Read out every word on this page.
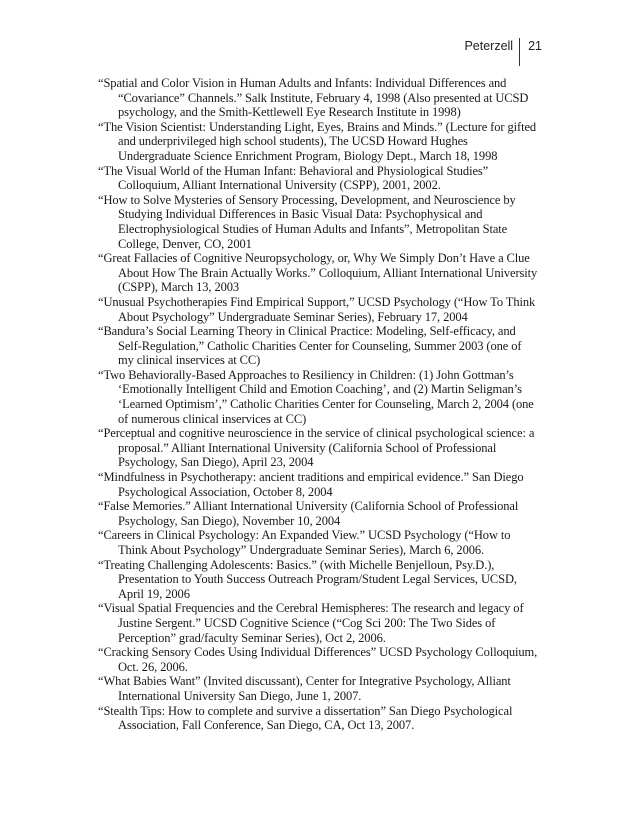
Peterzell	21

“Spatial and Color Vision in Human Adults and Infants: Individual Differences and “Covariance” Channels.” Salk Institute, February 4, 1998 (Also presented at UCSD psychology, and the Smith-Kettlewell Eye Research Institute in 1998)

“The Vision Scientist: Understanding Light, Eyes, Brains and Minds.” (Lecture for gifted and underprivileged high school students), The UCSD Howard Hughes Undergraduate Science Enrichment Program, Biology Dept., March 18, 1998

“The Visual World of the Human Infant: Behavioral and Physiological Studies” Colloquium, Alliant International University (CSPP), 2001, 2002.

“How to Solve Mysteries of Sensory Processing, Development, and Neuroscience by Studying Individual Differences in Basic Visual Data: Psychophysical and Electrophysiological Studies of Human Adults and Infants”, Metropolitan State College, Denver, CO, 2001

“Great Fallacies of Cognitive Neuropsychology, or, Why We Simply Don’t Have a Clue About How The Brain Actually Works.” Colloquium, Alliant International University (CSPP), March 13, 2003

“Unusual Psychotherapies Find Empirical Support,” UCSD Psychology (“How To Think About Psychology” Undergraduate Seminar Series), February 17, 2004

“Bandura’s Social Learning Theory in Clinical Practice: Modeling, Self-efficacy, and Self-Regulation,” Catholic Charities Center for Counseling, Summer 2003 (one of my clinical inservices at CC)

“Two Behaviorally-Based Approaches to Resiliency in Children: (1) John Gottman’s ‘Emotionally Intelligent Child and Emotion Coaching’, and (2) Martin Seligman’s ‘Learned Optimism’,” Catholic Charities Center for Counseling, March 2, 2004 (one of numerous clinical inservices at CC)

“Perceptual and cognitive neuroscience in the service of clinical psychological science: a proposal.” Alliant International University (California School of Professional Psychology, San Diego), April 23, 2004

“Mindfulness in Psychotherapy: ancient traditions and empirical evidence.” San Diego Psychological Association, October 8, 2004

“False Memories.” Alliant International University (California School of Professional Psychology, San Diego), November 10, 2004

“Careers in Clinical Psychology: An Expanded View.” UCSD Psychology (“How to Think About Psychology” Undergraduate Seminar Series), March 6, 2006.

“Treating Challenging Adolescents: Basics.” (with Michelle Benjelloun, Psy.D.), Presentation to Youth Success Outreach Program/Student Legal Services, UCSD, April 19, 2006

“Visual Spatial Frequencies and the Cerebral Hemispheres: The research and legacy of Justine Sergent.” UCSD Cognitive Science (“Cog Sci 200: The Two Sides of Perception” grad/faculty Seminar Series), Oct 2, 2006.

“Cracking Sensory Codes Using Individual Differences” UCSD Psychology Colloquium, Oct. 26, 2006.

“What Babies Want” (Invited discussant), Center for Integrative Psychology, Alliant International University San Diego, June 1, 2007.

“Stealth Tips: How to complete and survive a dissertation” San Diego Psychological Association, Fall Conference, San Diego, CA, Oct 13, 2007.
